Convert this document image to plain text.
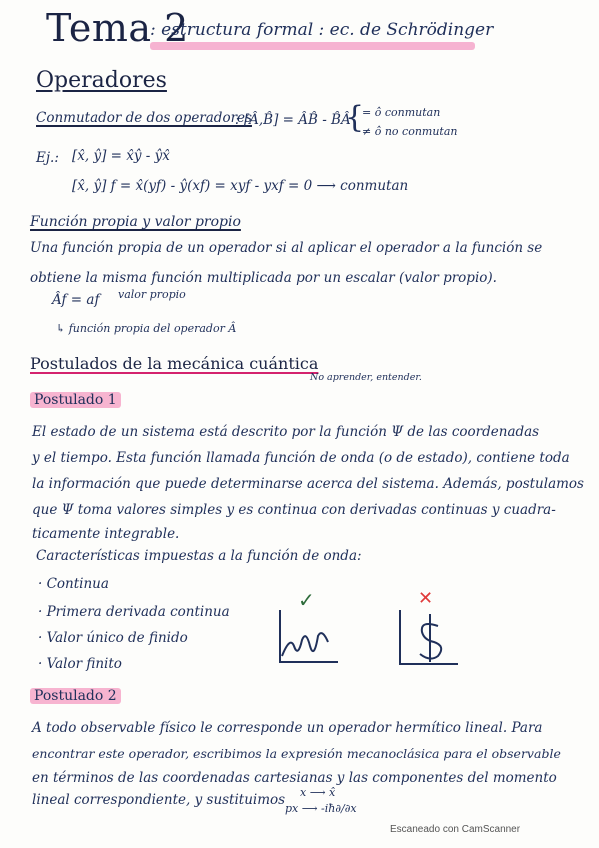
Tema 2
: estructura formal : ec. de Schrödinger
Operadores
Conmutador de dos operadores
: [Â,B̂] = ÂB̂ - B̂Â
{
= ô conmutan
≠ ô no conmutan
Ej.: [x̂, ŷ] = x̂ŷ - ŷx̂
[x̂, ŷ] f = x̂(yf) - ŷ(xf) = xyf - yxf = 0 ⟶ conmutan
Función propia y valor propio
Una función propia de un operador si al aplicar el operador a la función se
obtiene la misma función multiplicada por un escalar (valor propio).
Âf = af valor propio
↳ función propia del operador Â
Postulados de la mecánica cuántica
No aprender, entender.
Postulado 1
El estado de un sistema está descrito por la función Ψ de las coordenadas
y el tiempo. Esta función llamada función de onda (o de estado), contiene toda
la información que puede determinarse acerca del sistema. Además, postulamos
que Ψ toma valores simples y es continua con derivadas continuas y cuadra-
ticamente integrable.
Características impuestas a la función de onda:
· Continua
· Primera derivada continua
· Valor único de finido
· Valor finito
✓	✕
Postulado 2
A todo observable físico le corresponde un operador hermítico lineal. Para
encontrar este operador, escribimos la expresión mecanoclásica para el observable
en términos de las coordenadas cartesianas y las componentes del momento
lineal correspondiente, y sustituimos x ⟶ x̂
px ⟶ -iħ∂/∂x
Escaneado con CamScanner
